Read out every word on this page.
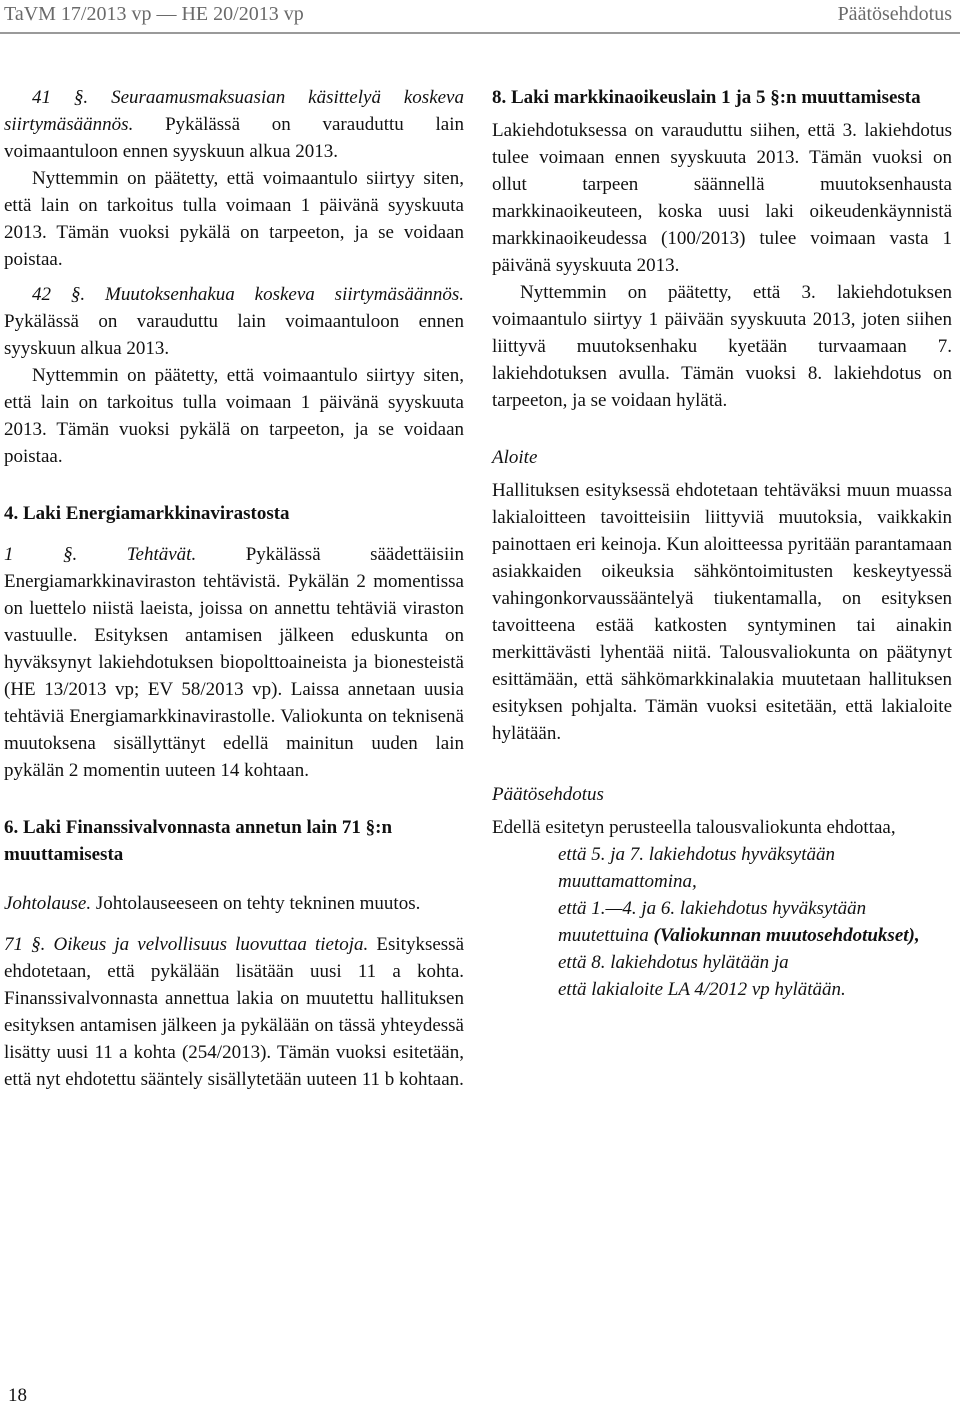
TaVM 17/2013 vp — HE 20/2013 vp	Päätösehdotus

41 §. Seuraamusmaksuasian käsittelyä koskeva siirtymäsäännös. Pykälässä on varauduttu lain voimaantuloon ennen syyskuun alkua 2013.

Nyttemmin on päätetty, että voimaantulo siirtyy siten, että lain on tarkoitus tulla voimaan 1 päivänä syyskuuta 2013. Tämän vuoksi pykälä on tarpeeton, ja se voidaan poistaa.

42 §. Muutoksenhakua koskeva siirtymäsäännös. Pykälässä on varauduttu lain voimaantuloon ennen syyskuun alkua 2013.

Nyttemmin on päätetty, että voimaantulo siirtyy siten, että lain on tarkoitus tulla voimaan 1 päivänä syyskuuta 2013. Tämän vuoksi pykälä on tarpeeton, ja se voidaan poistaa.

4. Laki Energiamarkkinavirastosta

1 §. Tehtävät.	Pykälässä säädettäisiin Energiamarkkinaviraston tehtävistä. Pykälän 2 momentissa on luettelo niistä laeista, joissa on annettu tehtäviä viraston vastuulle. Esityksen antamisen jälkeen eduskunta on hyväksynyt lakiehdotuksen biopolttoaineista ja bionesteistä (HE 13/2013 vp; EV 58/2013 vp). Laissa annetaan uusia tehtäviä Energiamarkkinavirastolle. Valiokunta on teknisenä muutoksena sisällyttänyt edellä mainitun uuden lain pykälän 2 momentin uuteen 14 kohtaan.

6. Laki Finanssivalvonnasta annetun lain 71 §:n muuttamisesta

Johtolause. Johtolauseeseen on tehty tekninen muutos.

71 §. Oikeus ja velvollisuus luovuttaa tietoja. Esityksessä ehdotetaan, että pykälään lisätään uusi 11 a kohta. Finanssivalvonnasta annettua lakia on muutettu hallituksen esityksen antamisen jälkeen ja pykälään on tässä yhteydessä lisätty uusi 11 a kohta (254/2013). Tämän vuoksi esitetään, että nyt ehdotettu sääntely sisällytetään uuteen 11 b kohtaan.

8. Laki markkinaoikeuslain 1 ja 5 §:n muuttamisesta

Lakiehdotuksessa on varauduttu siihen, että 3. lakiehdotus tulee voimaan ennen syyskuuta 2013. Tämän vuoksi on ollut tarpeen säännellä muutoksenhausta markkinaoikeuteen, koska uusi laki oikeudenkäynnistä markkinaoikeudessa (100/2013) tulee voimaan vasta 1 päivänä syyskuuta 2013.

Nyttemmin on päätetty, että 3. lakiehdotuksen voimaantulo siirtyy 1 päivään syyskuuta 2013, joten siihen liittyvä muutoksenhaku kyetään turvaamaan 7. lakiehdotuksen avulla. Tämän vuoksi 8. lakiehdotus on tarpeeton, ja se voidaan hylätä.

Aloite

Hallituksen esityksessä ehdotetaan tehtäväksi muun muassa lakialoitteen tavoitteisiin liittyviä muutoksia, vaikkakin painottaen eri keinoja. Kun aloitteessa pyritään parantamaan asiakkaiden oikeuksia sähköntoimitusten keskeytyessä vahingonkorvaussääntelyä tiukentamalla, on esityksen tavoitteena estää katkosten syntyminen tai ainakin merkittävästi lyhentää niitä. Talousvaliokunta on päätynyt esittämään, että sähkömarkkinalakia muutetaan hallituksen esityksen pohjalta. Tämän vuoksi esitetään, että lakialoite hylätään.

Päätösehdotus

Edellä esitetyn perusteella talousvaliokunta ehdottaa,

että 5. ja 7. lakiehdotus hyväksytään muuttamattomina,

että 1.—4. ja 6. lakiehdotus hyväksytään muutettuina (Valiokunnan muutosehdotukset),

että 8. lakiehdotus hylätään ja

että lakialoite LA 4/2012 vp hylätään.

18
